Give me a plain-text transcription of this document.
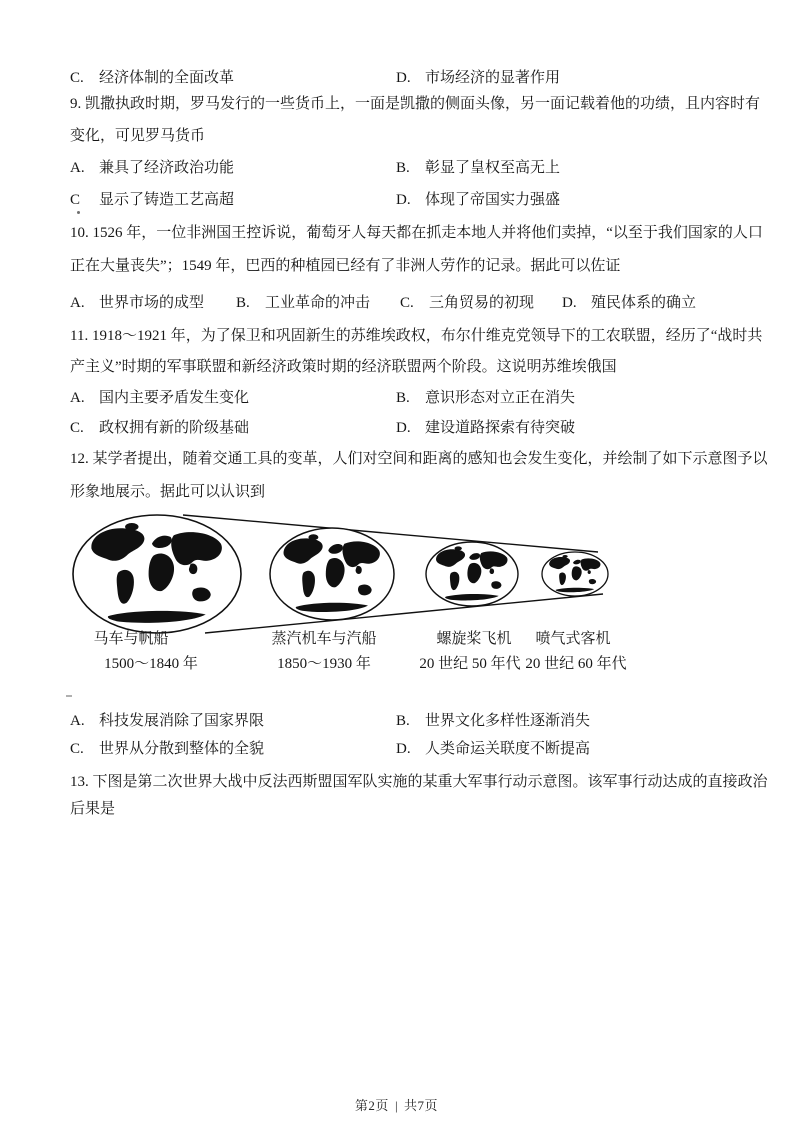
C. 经济体制的全面改革	D. 市场经济的显著作用
9. 凯撒执政时期，罗马发行的一些货币上，一面是凯撒的侧面头像，另一面记载着他的功绩，且内容时有
变化，可见罗马货币
A. 兼具了经济政治功能	B. 彰显了皇权至高无上
C 显示了铸造工艺高超	D. 体现了帝国实力强盛
10. 1526 年，一位非洲国王控诉说，葡萄牙人每天都在抓走本地人并将他们卖掉，“以至于我们国家的人口
正在大量丧失”；1549 年，巴西的种植园已经有了非洲人劳作的记录。据此可以佐证
A. 世界市场的成型 B. 工业革命的冲击 C. 三角贸易的初现 D. 殖民体系的确立
11. 1918～1921 年，为了保卫和巩固新生的苏维埃政权，布尔什维克党领导下的工农联盟，经历了“战时共
产主义”时期的军事联盟和新经济政策时期的经济联盟两个阶段。这说明苏维埃俄国
A. 国内主要矛盾发生变化	B. 意识形态对立正在消失
C. 政权拥有新的阶级基础	D. 建设道路探索有待突破
12. 某学者提出，随着交通工具的变革，人们对空间和距离的感知也会发生变化，并绘制了如下示意图予以
形象地展示。据此可以认识到
马车与帆船	蒸汽机车与汽船	螺旋桨飞机 喷气式客机
1500～1840 年	1850～1930 年	20 世纪 50 年代 20 世纪 60 年代
A. 科技发展消除了国家界限	B. 世界文化多样性逐渐消失
C. 世界从分散到整体的全貌	D. 人类命运关联度不断提高
13. 下图是第二次世界大战中反法西斯盟国军队实施的某重大军事行动示意图。该军事行动达成的直接政治
后果是
第2页 | 共7页
